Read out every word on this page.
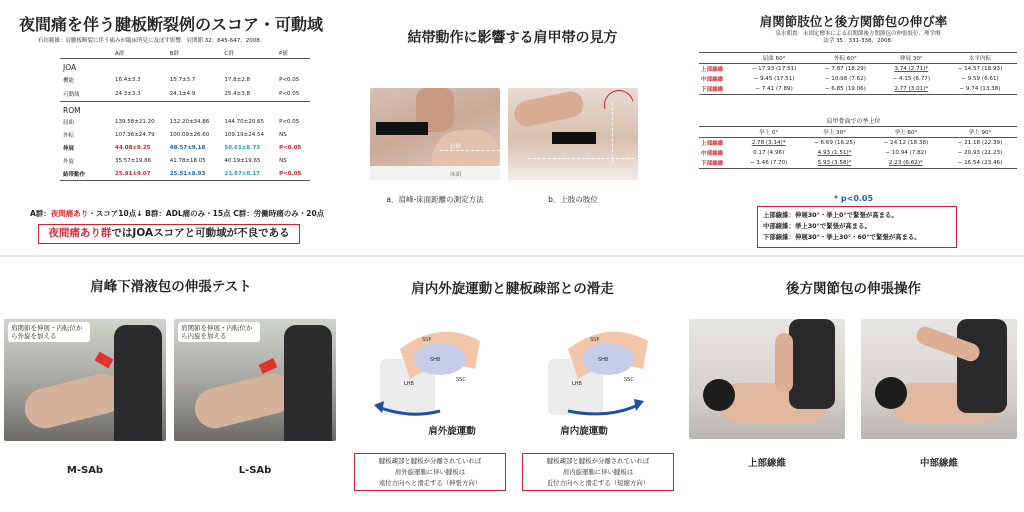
夜間痛を伴う腱板断裂例のスコア・可動域
石垣範雄：肩腱板断裂に伴う痛みが臨床所見に及ぼす影響．肩関節 32：645-647，2008.
	A群	B群	C群	P値
JOA				
機能	16.4±3.3	15.7±3.7	17.8±2.8	P<0.05
可動域	24.3±3.3	24.1±4.9	25.4±3.8	P<0.05
ROM				
屈曲	139.58±21.20	132.20±34.86	144.70±20.65	P<0.05
外転	107.36±24.79	100.09±26.60	109.19±24.54	NS
伸展	44.08±9.25	48.57±9.18	50.61±8.73	P<0.05
外旋	35.57±19.86	41.78±18.05	40.19±19.65	NS
結帯動作	25.91±9.07	25.51±8.93	21.87±8.17	P<0.05
A群：夜間痛あり・スコア10点↓ B群：ADL痛のみ・15点 C群：労働時痛のみ・20点
夜間痛あり群ではJOAスコアと可動域が不良である
結帯動作に影響する肩甲帯の見方
肩峰
床面
a．肩峰-床面距離の測定方法	b．上肢の肢位
肩関節肢位と後方関節包の伸び率
泉水朝貴：未固定標本による肩関節後方関節包の伸張肢位．理学療法学 35：331-338，2008.
	屈曲 60°	外転 60°	伸展 30°	水平内転
上部線維	− 17.93 (17.51)	− 7.87 (18.29)	3.74 (2.71)*	− 14.57 (18.93)
中部線維	− 9.45 (17.51)	− 10.98 (7.62)	− 4.15 (6.77)	− 9.59 (6.61)
下部線維	− 7.41 (7.89)	− 6.85 (19.06)	2.77 (3.01)*	− 9.74 (13.38)
肩甲骨面での挙上位
	挙上 0°	挙上 30°	挙上 60°	挙上 90°
上部線維	2.78 (3.14)*	− 6.69 (16.25)	− 24.12 (18.38)	− 21.18 (22.39)
中部線維	0.17 (4.96)	4.93 (1.51)*	− 10.94 (7.82)	− 20.93 (21.23)
下部線維	− 3.46 (7.70)	5.93 (3.58)*	2.23 (6.62)*	− 16.54 (23.46)
* p<0.05
上部線維：伸展30°・挙上0°で緊張が高まる。
中部線維：挙上30°で緊張が高まる。
下部線維：伸展30°・挙上30°・60°で緊張が高まる。
肩峰下滑液包の伸張テスト
肩関節を伸展・内転位から外旋を加える
肩関節を伸展・内転位から内旋を加える
M-SAb	L-SAb
肩内外旋運動と腱板疎部との滑走
SSP
SHB
LHB
SSC
SSP
SHB
LHB
SSC
肩外旋運動	肩内旋運動
腱板疎部と腱板が分離されていれば
肩外旋運動に伴い腱板は
遠位方向へと滑走する（伸張方向）
腱板疎部と腱板が分離されていれば
肩内旋運動に伴い腱板は
近位方向へと滑走する（短縮方向）
後方関節包の伸張操作
上部線維	中部線維
